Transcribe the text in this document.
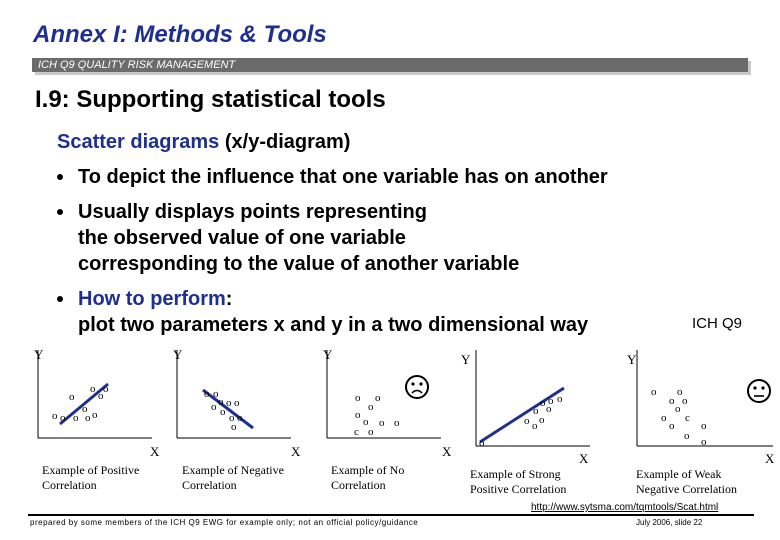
Annex I: Methods & Tools
ICH Q9 QUALITY RISK MANAGEMENT
I.9: Supporting statistical tools
Scatter diagrams (x/y-diagram)
To depict the influence that one variable has on another
Usually displays points representing
the observed value of one variable
corresponding to the value of another variable
How to perform:
plot two parameters x and y in a two dimensional way	ICH Q9
Y
X
o
o
o
o
o
o
o o o o
Example of Positive
Correlation
Y
X
o o
o o o o
o o o
o
Example of Negative
Correlation
Y
X
o o
o
o
o o o
c o
Example of No
Correlation
Y
X
o
o
o o o
o
o o o
Example of Strong
Positive Correlation
Y
X
o o
o o
o
o c
o o
o o
Example of Weak
Negative Correlation
http://www.sytsma.com/tqmtools/Scat.html
prepared by some members of the ICH Q9 EWG for example only; not an official policy/guidance	July 2006, slide 22
